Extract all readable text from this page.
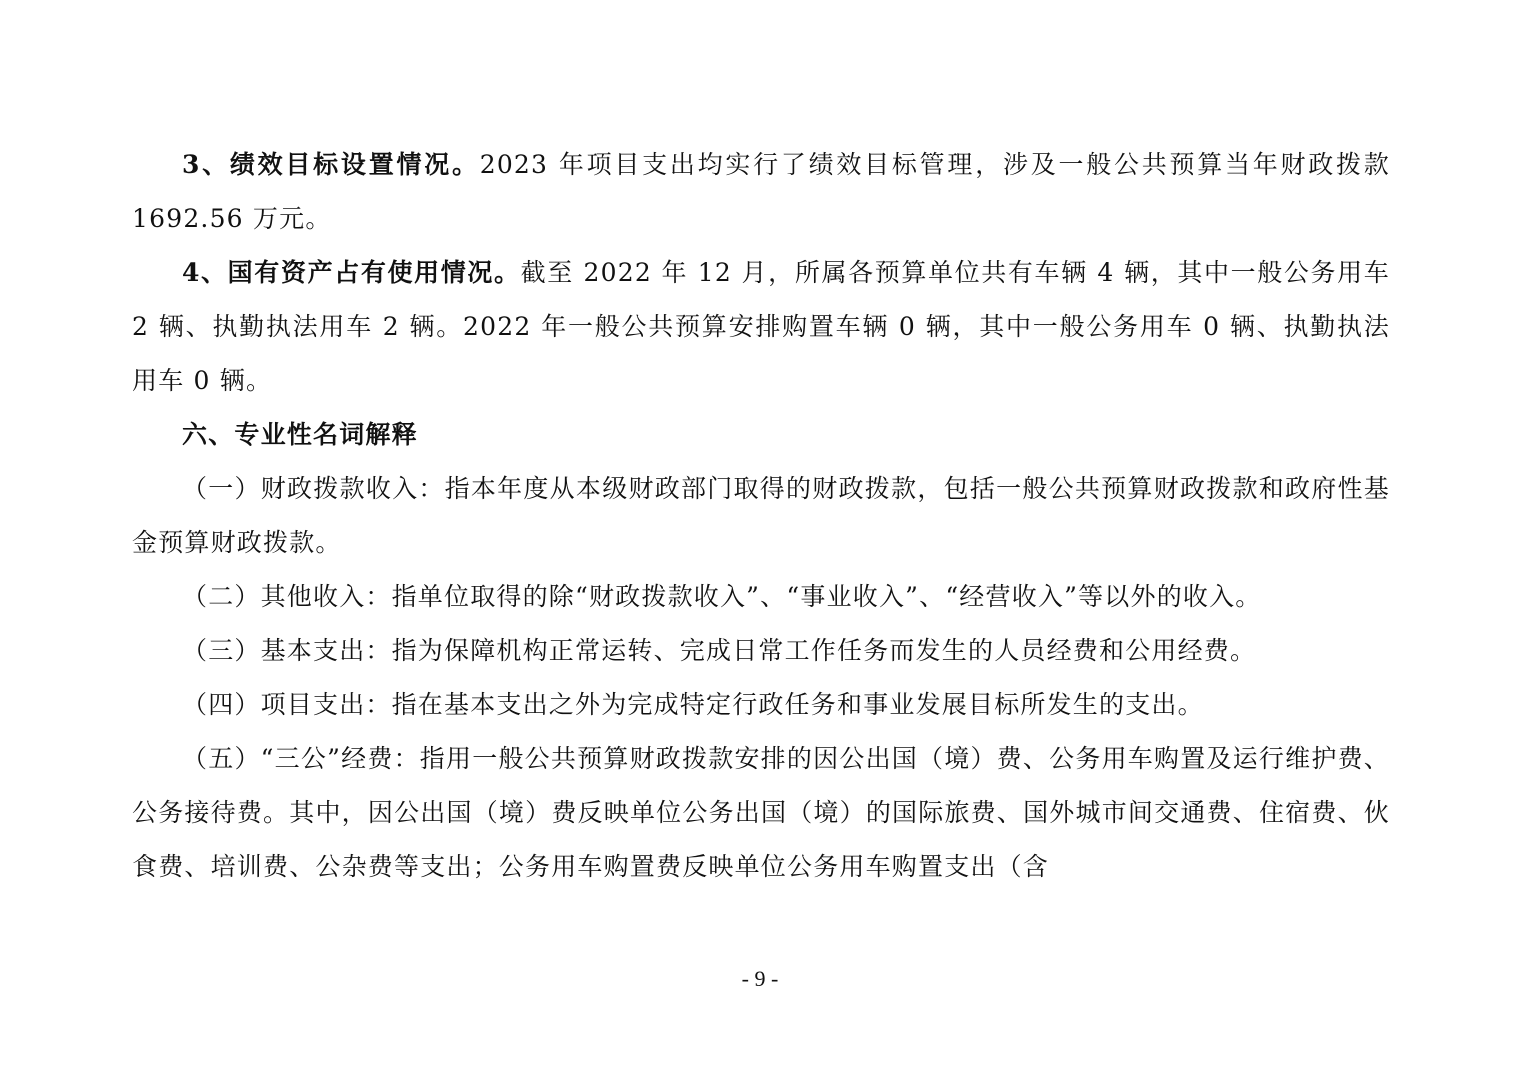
3、绩效目标设置情况。2023 年项目支出均实行了绩效目标管理，涉及一般公共预算当年财政拨款 1692.56 万元。

4、国有资产占有使用情况。截至 2022 年 12 月，所属各预算单位共有车辆 4 辆，其中一般公务用车 2 辆、执勤执法用车 2 辆。2022 年一般公共预算安排购置车辆 0 辆，其中一般公务用车 0 辆、执勤执法用车 0 辆。

六、专业性名词解释

（一）财政拨款收入：指本年度从本级财政部门取得的财政拨款，包括一般公共预算财政拨款和政府性基金预算财政拨款。

（二）其他收入：指单位取得的除“财政拨款收入”、“事业收入”、“经营收入”等以外的收入。

（三）基本支出：指为保障机构正常运转、完成日常工作任务而发生的人员经费和公用经费。

（四）项目支出：指在基本支出之外为完成特定行政任务和事业发展目标所发生的支出。

（五）“三公”经费：指用一般公共预算财政拨款安排的因公出国（境）费、公务用车购置及运行维护费、公务接待费。其中，因公出国（境）费反映单位公务出国（境）的国际旅费、国外城市间交通费、住宿费、伙食费、培训费、公杂费等支出；公务用车购置费反映单位公务用车购置支出（含

- 9 -
